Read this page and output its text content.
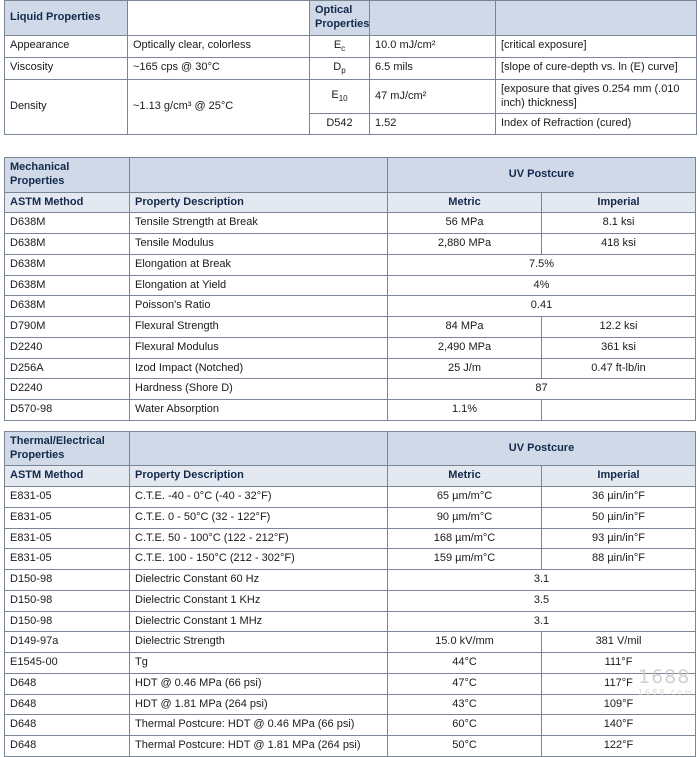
Liquid Properties		Optical Properties		
Appearance	Optically clear, colorless	$E_c$	10.0 mJ/cm²	[critical exposure]
Viscosity	~165 cps @ 30°C	$D_p$	6.5 mils	[slope of cure-depth vs. ln (E) curve]
Density	~1.13 g/cm³ @ 25°C	$E_{10}$	47 mJ/cm²	[exposure that gives 0.254 mm (.010 inch) thickness]
		D542	1.52	Index of Refraction (cured)
Mechanical Properties		UV Postcure	
ASTM Method	Property Description	Metric	Imperial
D638M	Tensile Strength at Break	56 MPa	8.1 ksi
D638M	Tensile Modulus	2,880 MPa	418 ksi
D638M	Elongation at Break	7.5%	
D638M	Elongation at Yield	4%	
D638M	Poisson's Ratio	0.41	
D790M	Flexural Strength	84 MPa	12.2 ksi
D2240	Flexural Modulus	2,490 MPa	361 ksi
D256A	Izod Impact (Notched)	25 J/m	0.47 ft-lb/in
D2240	Hardness (Shore D)	87	
D570-98	Water Absorption	1.1%	
Thermal/Electrical Properties		UV Postcure	
ASTM Method	Property Description	Metric	Imperial
E831-05	C.T.E. -40 - 0°C (-40 - 32°F)	65 µm/m°C	36 µin/in°F
E831-05	C.T.E. 0 - 50°C (32 - 122°F)	90 µm/m°C	50 µin/in°F
E831-05	C.T.E. 50 - 100°C (122 - 212°F)	168 µm/m°C	93 µin/in°F
E831-05	C.T.E. 100 - 150°C (212 - 302°F)	159 µm/m°C	88 µin/in°F
D150-98	Dielectric Constant 60 Hz	3.1	
D150-98	Dielectric Constant 1 KHz	3.5	
D150-98	Dielectric Constant 1 MHz	3.1	
D149-97a	Dielectric Strength	15.0 kV/mm	381 V/mil
E1545-00	Tg	44°C	111°F
D648	HDT @ 0.46 MPa (66 psi)	47°C	117°F
D648	HDT @ 1.81 MPa (264 psi)	43°C	109°F
D648	Thermal Postcure: HDT @ 0.46 MPa (66 psi)	60°C	140°F
D648	Thermal Postcure: HDT @ 1.81 MPa (264 psi)	50°C	122°F
1688
1688.com
